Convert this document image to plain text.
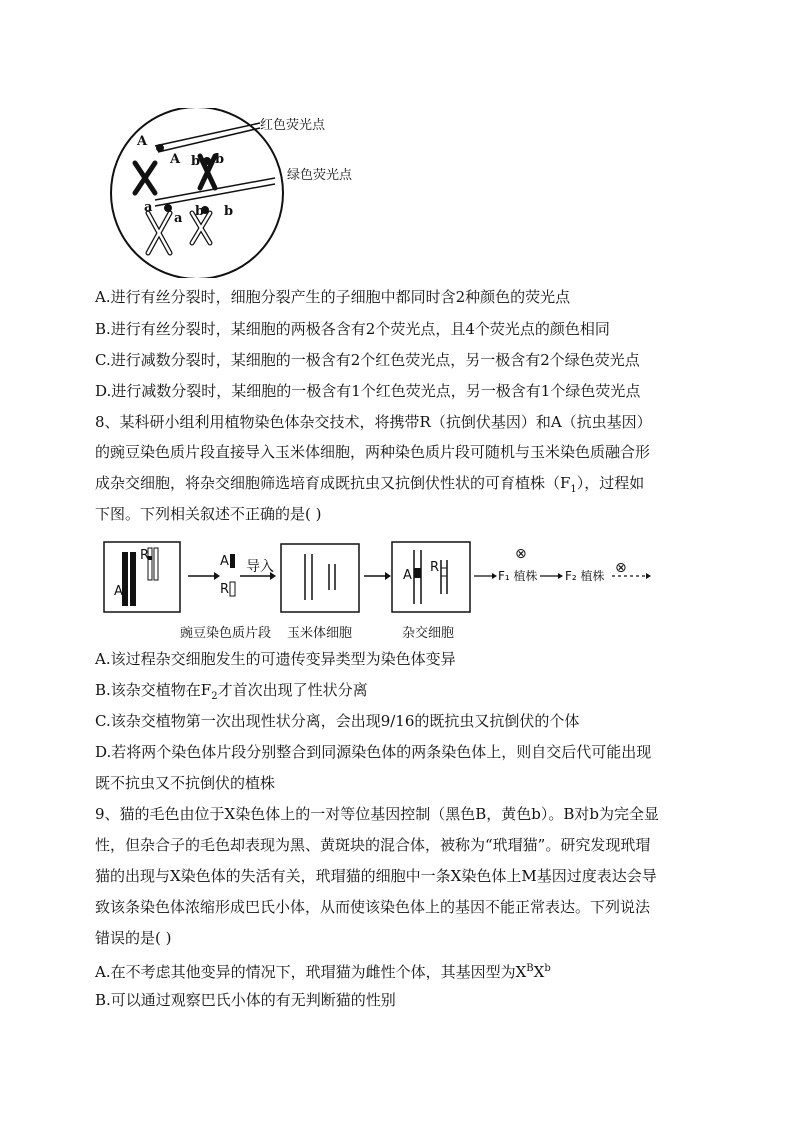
红色荧光点
绿色荧光点
A
A b b
a
a b b
A.进行有丝分裂时，细胞分裂产生的子细胞中都同时含2种颜色的荧光点
B.进行有丝分裂时，某细胞的两极各含有2个荧光点，且4个荧光点的颜色相同
C.进行减数分裂时，某细胞的一极含有2个红色荧光点，另一极含有2个绿色荧光点
D.进行减数分裂时，某细胞的一极含有1个红色荧光点，另一极含有1个绿色荧光点
8、某科研小组利用植物染色体杂交技术，将携带R（抗倒伏基因）和A（抗虫基因）
的豌豆染色质片段直接导入玉米体细胞，两种染色质片段可随机与玉米染色质融合形
成杂交细胞，将杂交细胞筛选培育成既抗虫又抗倒伏性状的可育植株$(F_1)$，过程如
下图。下列相关叙述不正确的是( )
A
R	A
R
导入
A
R
F₁ 植株
⊗
F₂ 植株 ⊗
豌豆染色质片段 玉米体细胞	杂交细胞
A.该过程杂交细胞发生的可遗传变异类型为染色体变异
B.该杂交植物在$F_2$才首次出现了性状分离
C.该杂交植物第一次出现性状分离，会出现9/16的既抗虫又抗倒伏的个体
D.若将两个染色体片段分别整合到同源染色体的两条染色体上，则自交后代可能出现
既不抗虫又不抗倒伏的植株
9、猫的毛色由位于X染色体上的一对等位基因控制（黑色B，黄色b）。B对b为完全显
性，但杂合子的毛色却表现为黑、黄斑块的混合体，被称为“玳瑁猫”。研究发现玳瑁
猫的出现与X染色体的失活有关，玳瑁猫的细胞中一条X染色体上M基因过度表达会导
致该条染色体浓缩形成巴氏小体，从而使该染色体上的基因不能正常表达。下列说法
错误的是( )
A.在不考虑其他变异的情况下，玳瑁猫为雌性个体，其基因型为$X^BX^b$
B.可以通过观察巴氏小体的有无判断猫的性别
